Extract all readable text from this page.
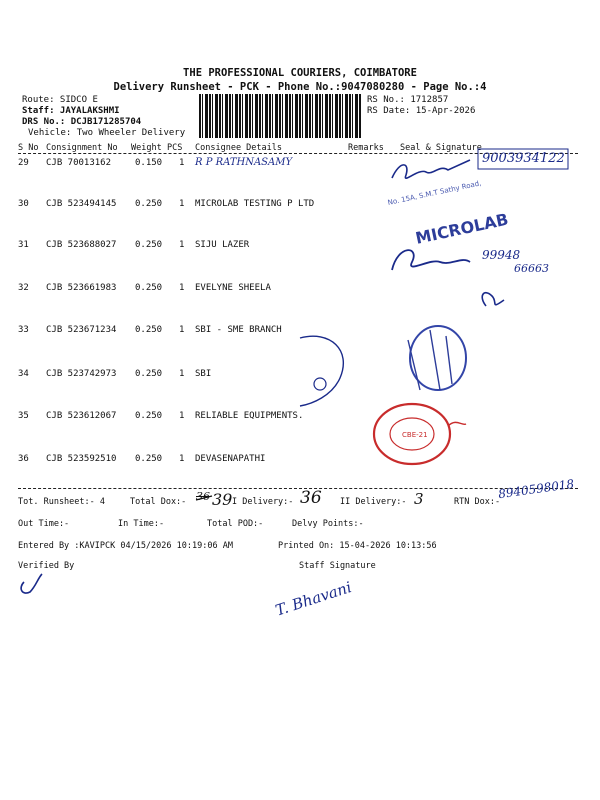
THE PROFESSIONAL COURIERS, COIMBATORE
Delivery Runsheet - PCK - Phone No.:9047080280 - Page No.:4
Route: SIDCO E
Staff: JAYALAKSHMI
DRS No.: DCJB171285704
Vehicle: Two Wheeler Delivery
RS No.: 1712857
RS Date: 15-Apr-2026
S No Consignment No Weight PCS Consignee Details	Remarks Seal & Signature
29 CJB 70013162	0.150 1 R P RATHNASAMY
30 CJB 523494145 0.250 1 MICROLAB TESTING P LTD
31 CJB 523688027 0.250 1 SIJU LAZER
32 CJB 523661983 0.250 1 EVELYNE SHEELA
33 CJB 523671234 0.250 1 SBI - SME BRANCH
34 CJB 523742973 0.250 1 SBI
35 CJB 523612067 0.250 1 RELIABLE EQUIPMENTS.
36 CJB 523592510 0.250 1 DEVASENAPATHI
No. 15A, S.M.T Sathy Road,
MICROLAB
CBE-21
9003934122
99948
66663
Tot. Runsheet:- 4	Total Dox:- 36 39 I Delivery:- 36 II Delivery:- 3	RTN Dox:-
8940598018
Out Time:-	In Time:-	Total POD:-	Delvy Points:-
Entered By :KAVIPCK 04/15/2026 10:19:06 AM	Printed On: 15-04-2026 10:13:56
Verified By	Staff Signature
T. Bhavani
